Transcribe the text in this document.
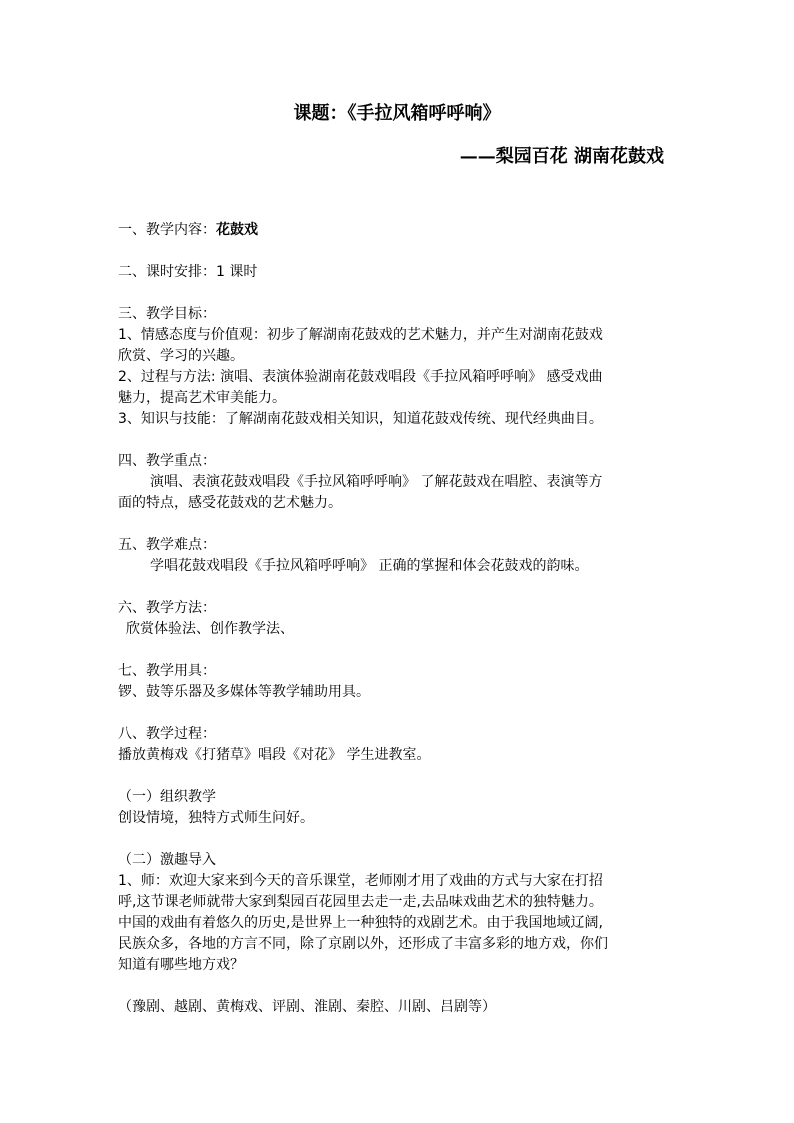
课题：《手拉风箱呼呼响》
——梨园百花 湖南花鼓戏
一、教学内容：花鼓戏
二、课时安排：1 课时
三、教学目标：
1、情感态度与价值观：初步了解湖南花鼓戏的艺术魅力，并产生对湖南花鼓戏
欣赏、学习的兴趣。
2、过程与方法: 演唱、表演体验湖南花鼓戏唱段《手拉风箱呼呼响》 感受戏曲
魅力，提高艺术审美能力。
3、知识与技能：了解湖南花鼓戏相关知识，知道花鼓戏传统、现代经典曲目。
四、教学重点：
演唱、表演花鼓戏唱段《手拉风箱呼呼响》 了解花鼓戏在唱腔、表演等方
面的特点，感受花鼓戏的艺术魅力。
五、教学难点：
学唱花鼓戏唱段《手拉风箱呼呼响》 正确的掌握和体会花鼓戏的韵味。
六、教学方法：
欣赏体验法、创作教学法、
七、教学用具：
锣、鼓等乐器及多媒体等教学辅助用具。
八、教学过程：
播放黄梅戏《打猪草》唱段《对花》 学生进教室。
（一）组织教学
创设情境，独特方式师生问好。
（二）激趣导入
1、师：欢迎大家来到今天的音乐课堂，老师刚才用了戏曲的方式与大家在打招
呼,这节课老师就带大家到梨园百花园里去走一走,去品味戏曲艺术的独特魅力。
中国的戏曲有着悠久的历史,是世界上一种独特的戏剧艺术。由于我国地域辽阔,
民族众多，各地的方言不同，除了京剧以外，还形成了丰富多彩的地方戏，你们
知道有哪些地方戏？
（豫剧、越剧、黄梅戏、评剧、淮剧、秦腔、川剧、吕剧等）
